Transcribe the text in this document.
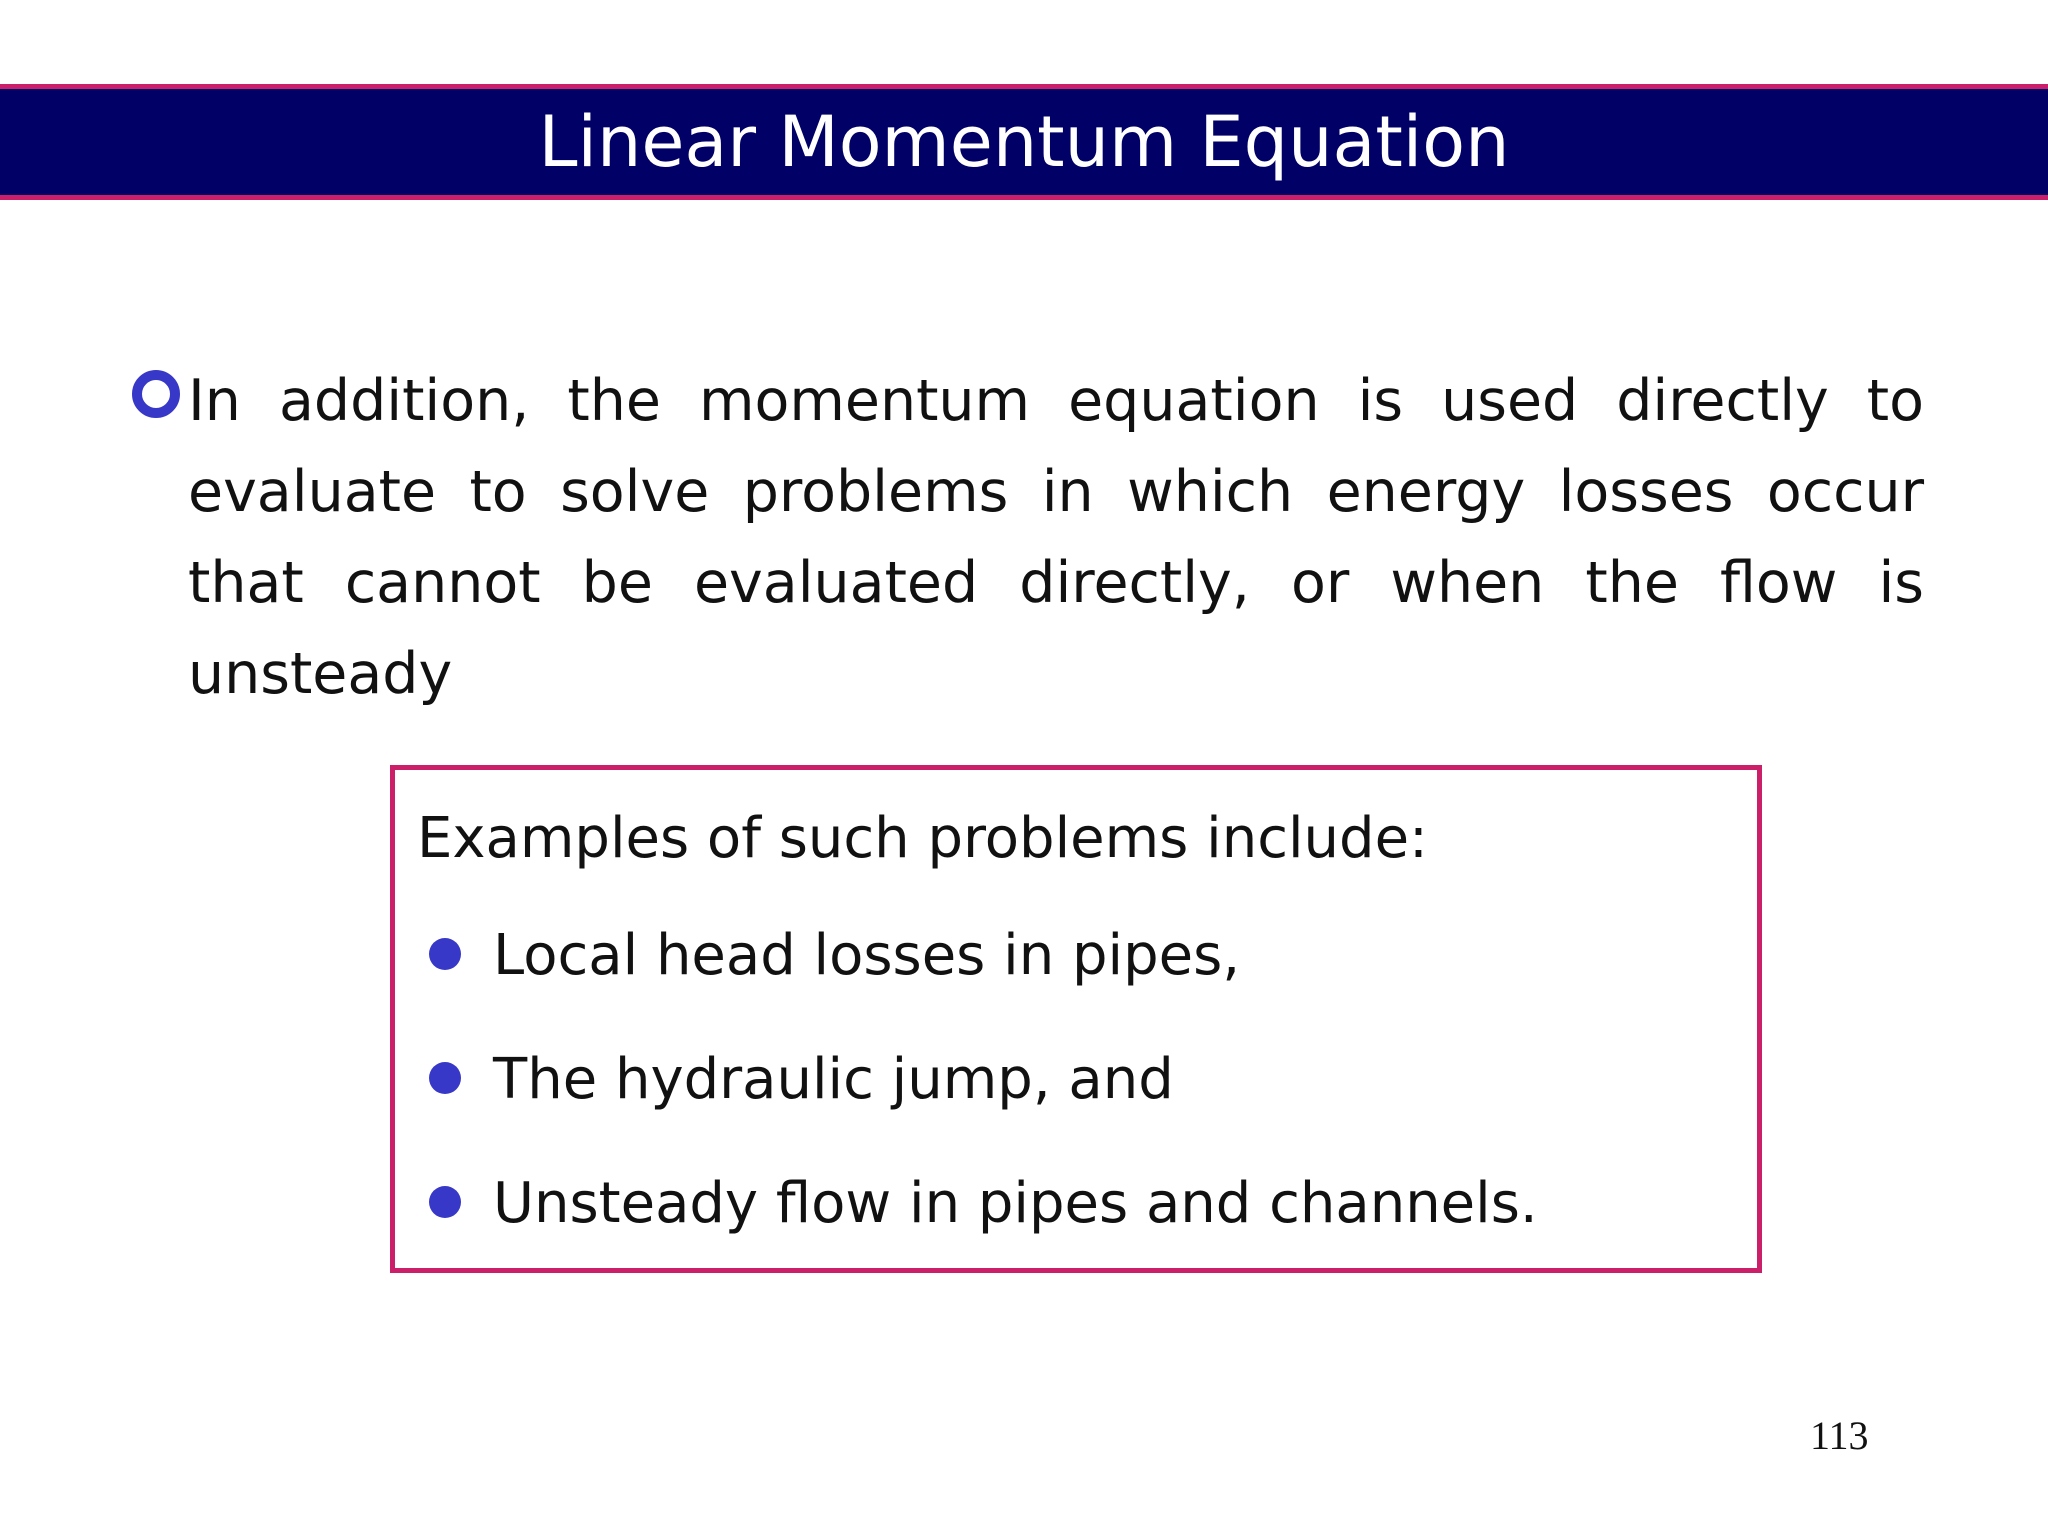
Linear Momentum Equation
In addition, the momentum equation is used directly to evaluate to solve problems in which energy losses occur that cannot be evaluated directly, or when the flow is unsteady
Examples of such problems include:
Local head losses in pipes,
The hydraulic jump, and
Unsteady flow in pipes and channels.
113
